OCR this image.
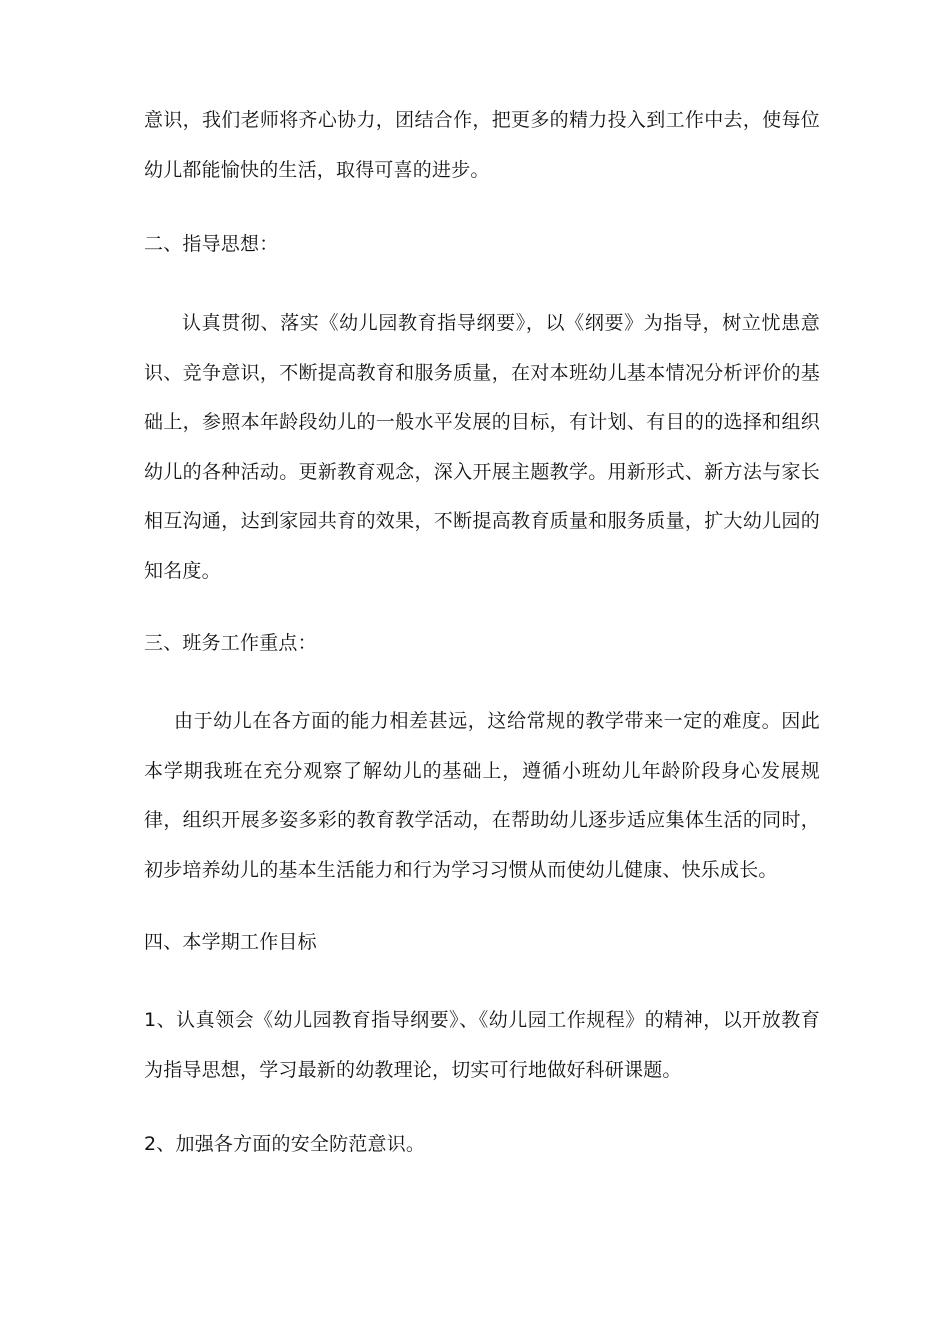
意识，我们老师将齐心协力，团结合作，把更多的精力投入到工作中去，使每位幼儿都能愉快的生活，取得可喜的进步。

二、指导思想：

认真贯彻、落实《幼儿园教育指导纲要》，以《纲要》为指导，树立忧患意识、竞争意识，不断提高教育和服务质量，在对本班幼儿基本情况分析评价的基础上，参照本年龄段幼儿的一般水平发展的目标，有计划、有目的的选择和组织幼儿的各种活动。更新教育观念，深入开展主题教学。用新形式、新方法与家长相互沟通，达到家园共育的效果，不断提高教育质量和服务质量，扩大幼儿园的知名度。

三、班务工作重点：

由于幼儿在各方面的能力相差甚远，这给常规的教学带来一定的难度。因此本学期我班在充分观察了解幼儿的基础上，遵循小班幼儿年龄阶段身心发展规律，组织开展多姿多彩的教育教学活动，在帮助幼儿逐步适应集体生活的同时，初步培养幼儿的基本生活能力和行为学习习惯从而使幼儿健康、快乐成长。

四、本学期工作目标

1、认真领会《幼儿园教育指导纲要》、《幼儿园工作规程》的精神，以开放教育为指导思想，学习最新的幼教理论，切实可行地做好科研课题。

2、加强各方面的安全防范意识。
